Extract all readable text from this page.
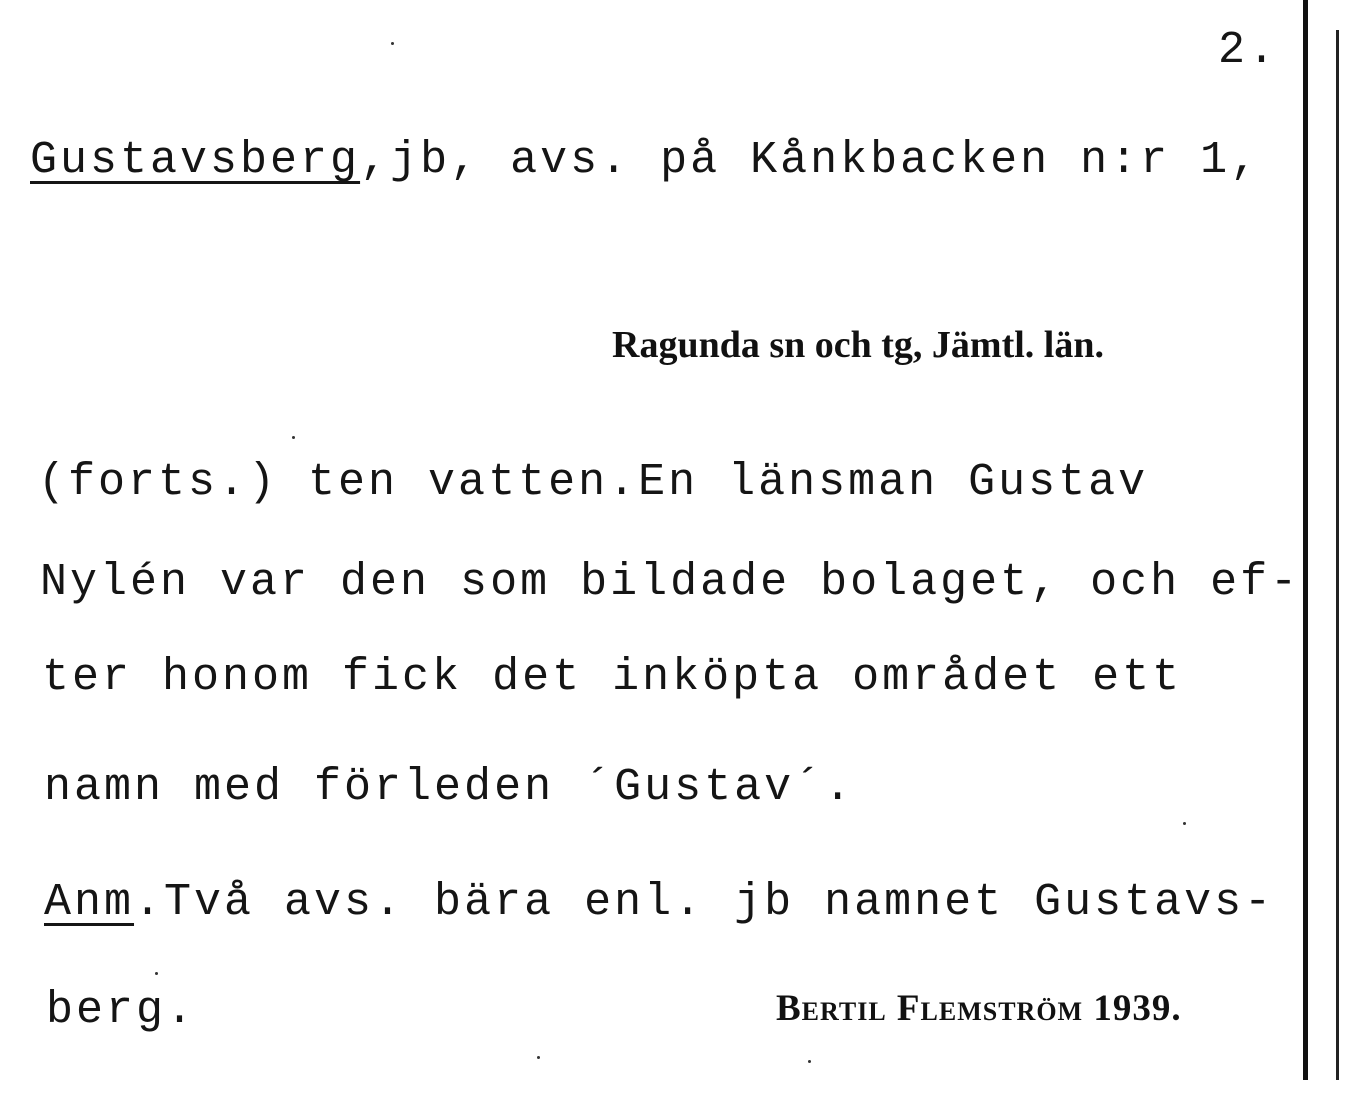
2.
Gustavsberg,jb, avs. på Kånkbacken n:r 1,
Ragunda sn och tg, Jämtl. län.
(forts.) ten vatten.En länsman Gustav
Nylén var den som bildade bolaget, och ef-
ter honom fick det inköpta området ett
namn med förleden ´Gustav´.
Anm.Två avs. bära enl. jb namnet Gustavs-
berg.	Bertil Flemström 1939.
